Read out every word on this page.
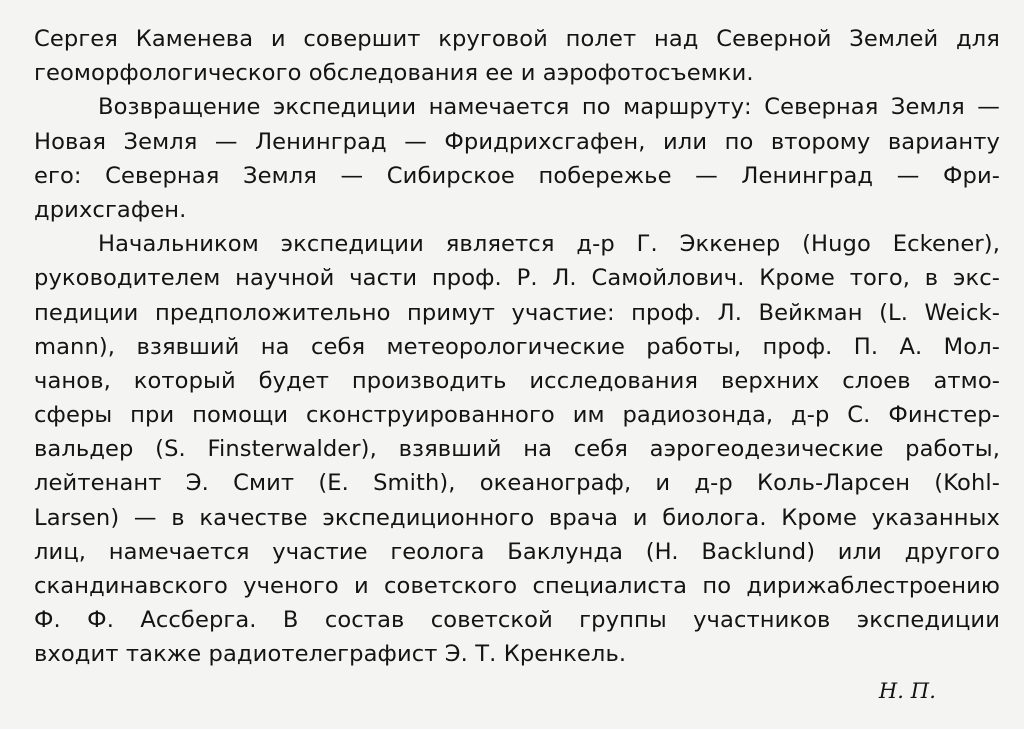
Сергея Каменева и совершит круговой полет над Северной Землей для
геоморфологического обследования ее и аэрофотосъемки.
Возвращение экспедиции намечается по маршруту: Северная Земля —
Новая Земля — Ленинград — Фридрихсгафен, или по второму варианту
его: Северная Земля — Сибирское побережье — Ленинград — Фри-
дрихсгафен.
Начальником экспедиции является д-р Г. Эккенер (Hugo Eckener),
руководителем научной части проф. Р. Л. Самойлович. Кроме того, в экс-
педиции предположительно примут участие: проф. Л. Вейкман (L. Weick-
mann), взявший на себя метеорологические работы, проф. П. А. Мол-
чанов, который будет производить исследования верхних слоев атмо-
сферы при помощи сконструированного им радиозонда, д-р С. Финстер-
вальдер (S. Finsterwalder), взявший на себя аэрогеодезические работы,
лейтенант Э. Смит (E. Smith), океанограф, и д-р Коль-Ларсен (Kohl-
Larsen) — в качестве экспедиционного врача и биолога. Кроме указанных
лиц, намечается участие геолога Баклунда (H. Backlund) или другого
скандинавского ученого и советского специалиста по дирижаблестроению
Ф. Ф. Ассберга. В состав советской группы участников экспедиции
входит также радиотелеграфист Э. Т. Кренкель.
Н. П.
